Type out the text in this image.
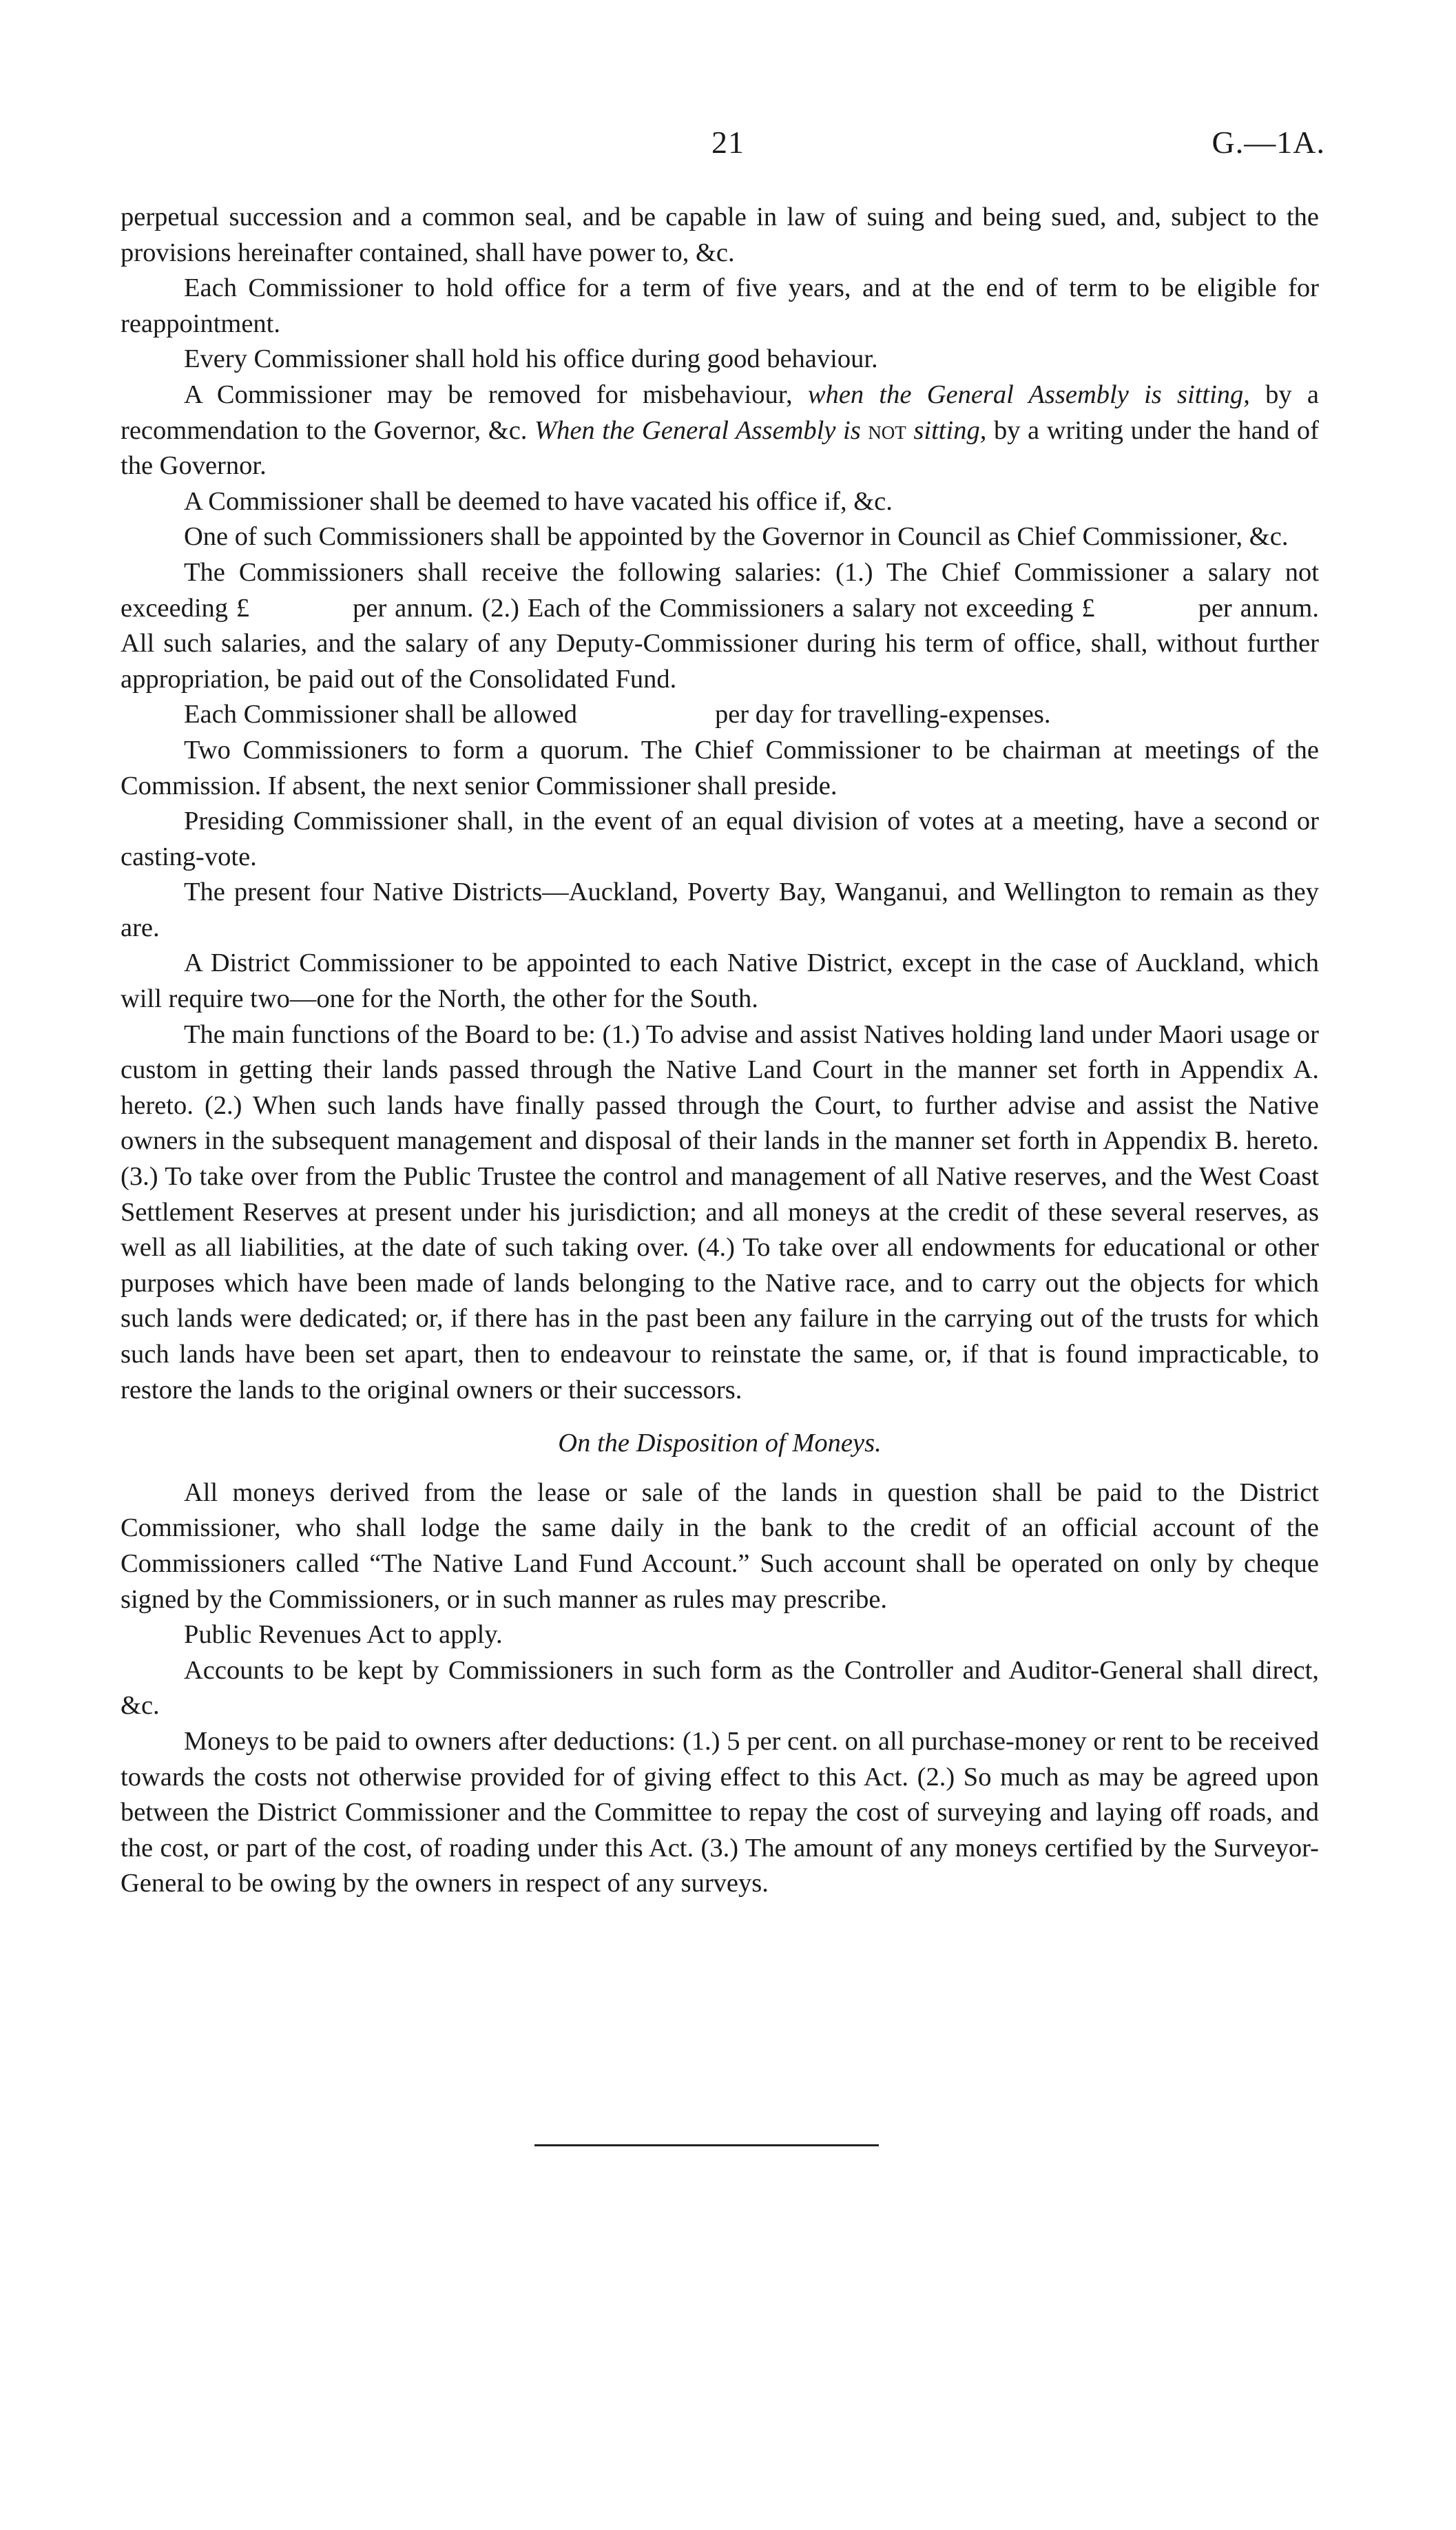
21	G.—1A.

perpetual succession and a common seal, and be capable in law of suing and being sued, and, subject to the provisions hereinafter contained, shall have power to, &c.

Each Commissioner to hold office for a term of five years, and at the end of term to be eligible for reappointment.

Every Commissioner shall hold his office during good behaviour.

A Commissioner may be removed for misbehaviour, when the General Assembly is sitting, by a recommendation to the Governor, &c. When the General Assembly is not sitting, by a writing under the hand of the Governor.

A Commissioner shall be deemed to have vacated his office if, &c.

One of such Commissioners shall be appointed by the Governor in Council as Chief Commissioner, &c.

The Commissioners shall receive the following salaries: (1.) The Chief Commissioner a salary not exceeding £	per annum. (2.) Each of the Commissioners a salary not exceeding £	per annum. All such salaries, and the salary of any Deputy-Commissioner during his term of office, shall, without further appropriation, be paid out of the Consolidated Fund.

Each Commissioner shall be allowed	per day for travelling-expenses.

Two Commissioners to form a quorum. The Chief Commissioner to be chairman at meetings of the Commission. If absent, the next senior Commissioner shall preside.

Presiding Commissioner shall, in the event of an equal division of votes at a meeting, have a second or casting-vote.

The present four Native Districts—Auckland, Poverty Bay, Wanganui, and Wellington to remain as they are.

A District Commissioner to be appointed to each Native District, except in the case of Auckland, which will require two—one for the North, the other for the South.

The main functions of the Board to be: (1.) To advise and assist Natives holding land under Maori usage or custom in getting their lands passed through the Native Land Court in the manner set forth in Appendix A. hereto. (2.) When such lands have finally passed through the Court, to further advise and assist the Native owners in the subsequent management and disposal of their lands in the manner set forth in Appendix B. hereto. (3.) To take over from the Public Trustee the control and management of all Native reserves, and the West Coast Settlement Reserves at present under his jurisdiction; and all moneys at the credit of these several reserves, as well as all liabilities, at the date of such taking over. (4.) To take over all endowments for educational or other purposes which have been made of lands belonging to the Native race, and to carry out the objects for which such lands were dedicated; or, if there has in the past been any failure in the carrying out of the trusts for which such lands have been set apart, then to endeavour to reinstate the same, or, if that is found impracticable, to restore the lands to the original owners or their successors.

On the Disposition of Moneys.

All moneys derived from the lease or sale of the lands in question shall be paid to the District Commissioner, who shall lodge the same daily in the bank to the credit of an official account of the Commissioners called “The Native Land Fund Account.” Such account shall be operated on only by cheque signed by the Commissioners, or in such manner as rules may prescribe.

Public Revenues Act to apply.

Accounts to be kept by Commissioners in such form as the Controller and Auditor-General shall direct, &c.

Moneys to be paid to owners after deductions: (1.) 5 per cent. on all purchase-money or rent to be received towards the costs not otherwise provided for of giving effect to this Act. (2.) So much as may be agreed upon between the District Commissioner and the Committee to repay the cost of surveying and laying off roads, and the cost, or part of the cost, of roading under this Act. (3.) The amount of any moneys certified by the Surveyor-General to be owing by the owners in respect of any surveys.
